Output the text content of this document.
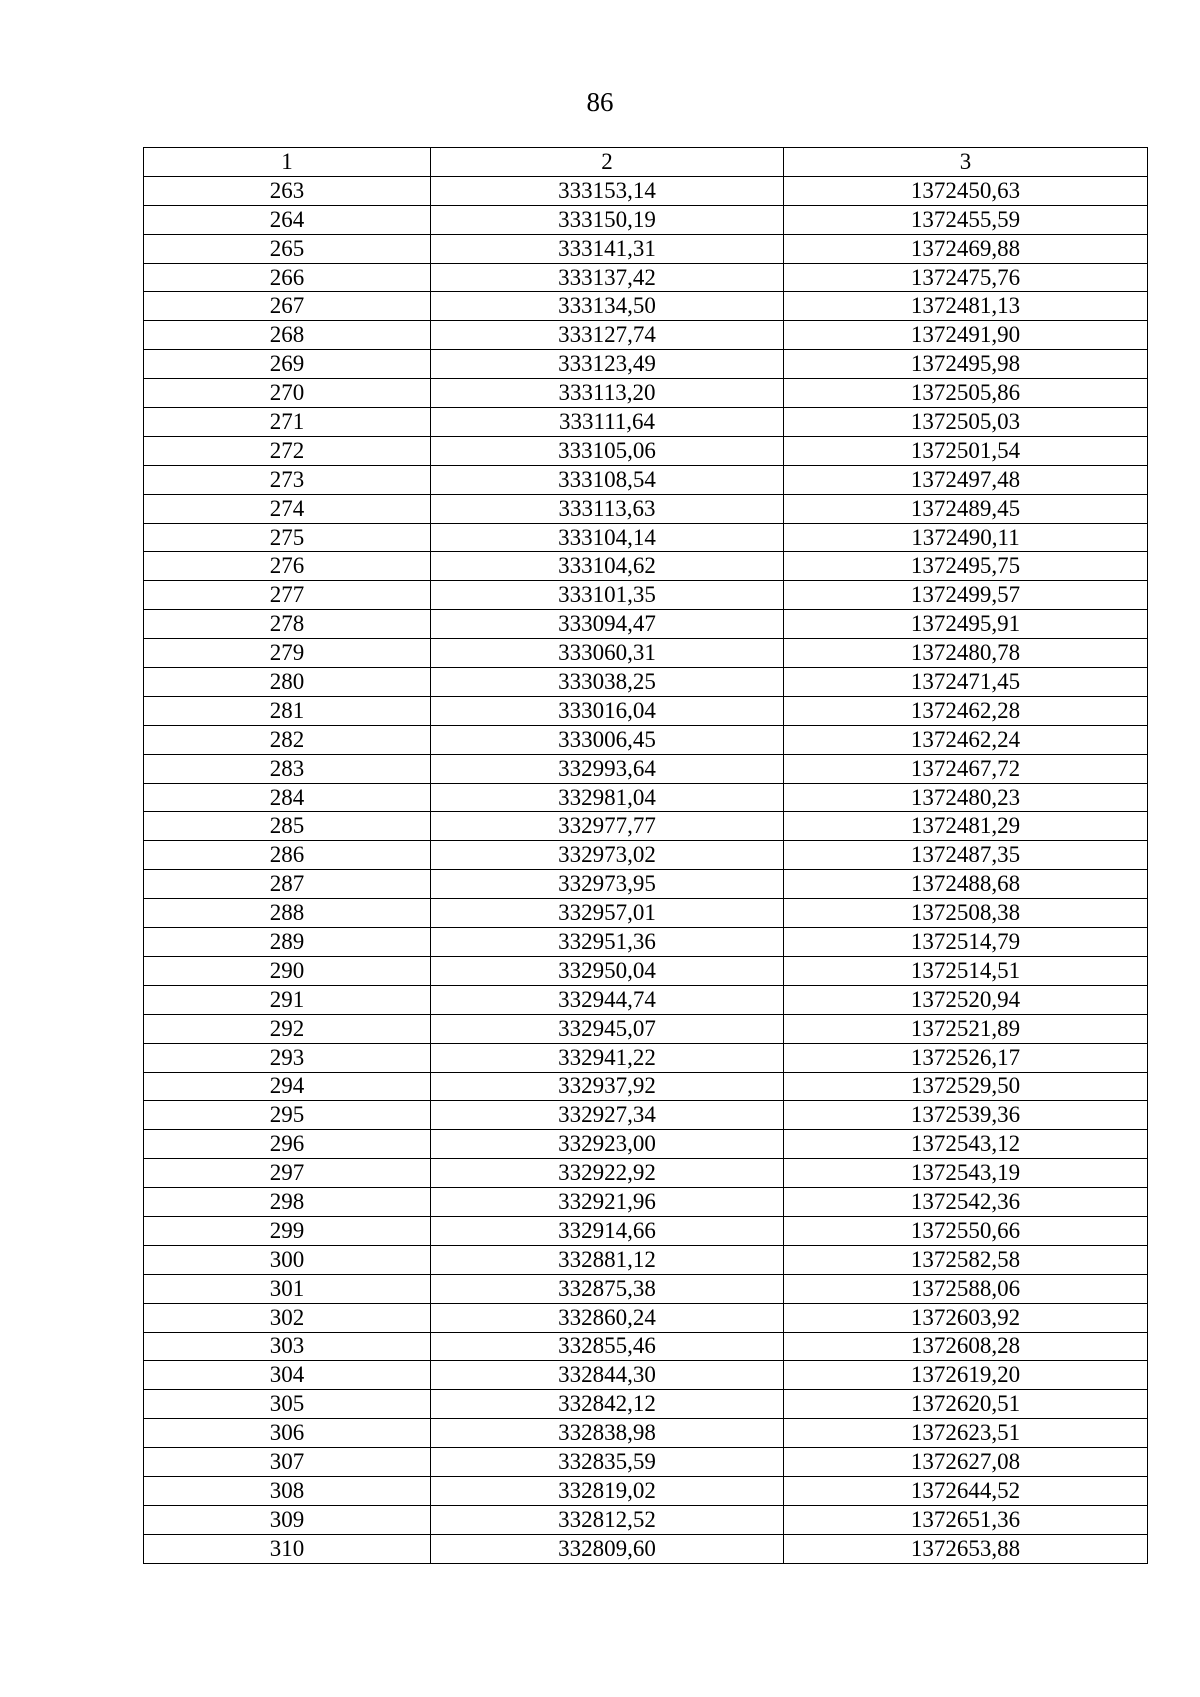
86
1	2	3
263	333153,14	1372450,63
264	333150,19	1372455,59
265	333141,31	1372469,88
266	333137,42	1372475,76
267	333134,50	1372481,13
268	333127,74	1372491,90
269	333123,49	1372495,98
270	333113,20	1372505,86
271	333111,64	1372505,03
272	333105,06	1372501,54
273	333108,54	1372497,48
274	333113,63	1372489,45
275	333104,14	1372490,11
276	333104,62	1372495,75
277	333101,35	1372499,57
278	333094,47	1372495,91
279	333060,31	1372480,78
280	333038,25	1372471,45
281	333016,04	1372462,28
282	333006,45	1372462,24
283	332993,64	1372467,72
284	332981,04	1372480,23
285	332977,77	1372481,29
286	332973,02	1372487,35
287	332973,95	1372488,68
288	332957,01	1372508,38
289	332951,36	1372514,79
290	332950,04	1372514,51
291	332944,74	1372520,94
292	332945,07	1372521,89
293	332941,22	1372526,17
294	332937,92	1372529,50
295	332927,34	1372539,36
296	332923,00	1372543,12
297	332922,92	1372543,19
298	332921,96	1372542,36
299	332914,66	1372550,66
300	332881,12	1372582,58
301	332875,38	1372588,06
302	332860,24	1372603,92
303	332855,46	1372608,28
304	332844,30	1372619,20
305	332842,12	1372620,51
306	332838,98	1372623,51
307	332835,59	1372627,08
308	332819,02	1372644,52
309	332812,52	1372651,36
310	332809,60	1372653,88
